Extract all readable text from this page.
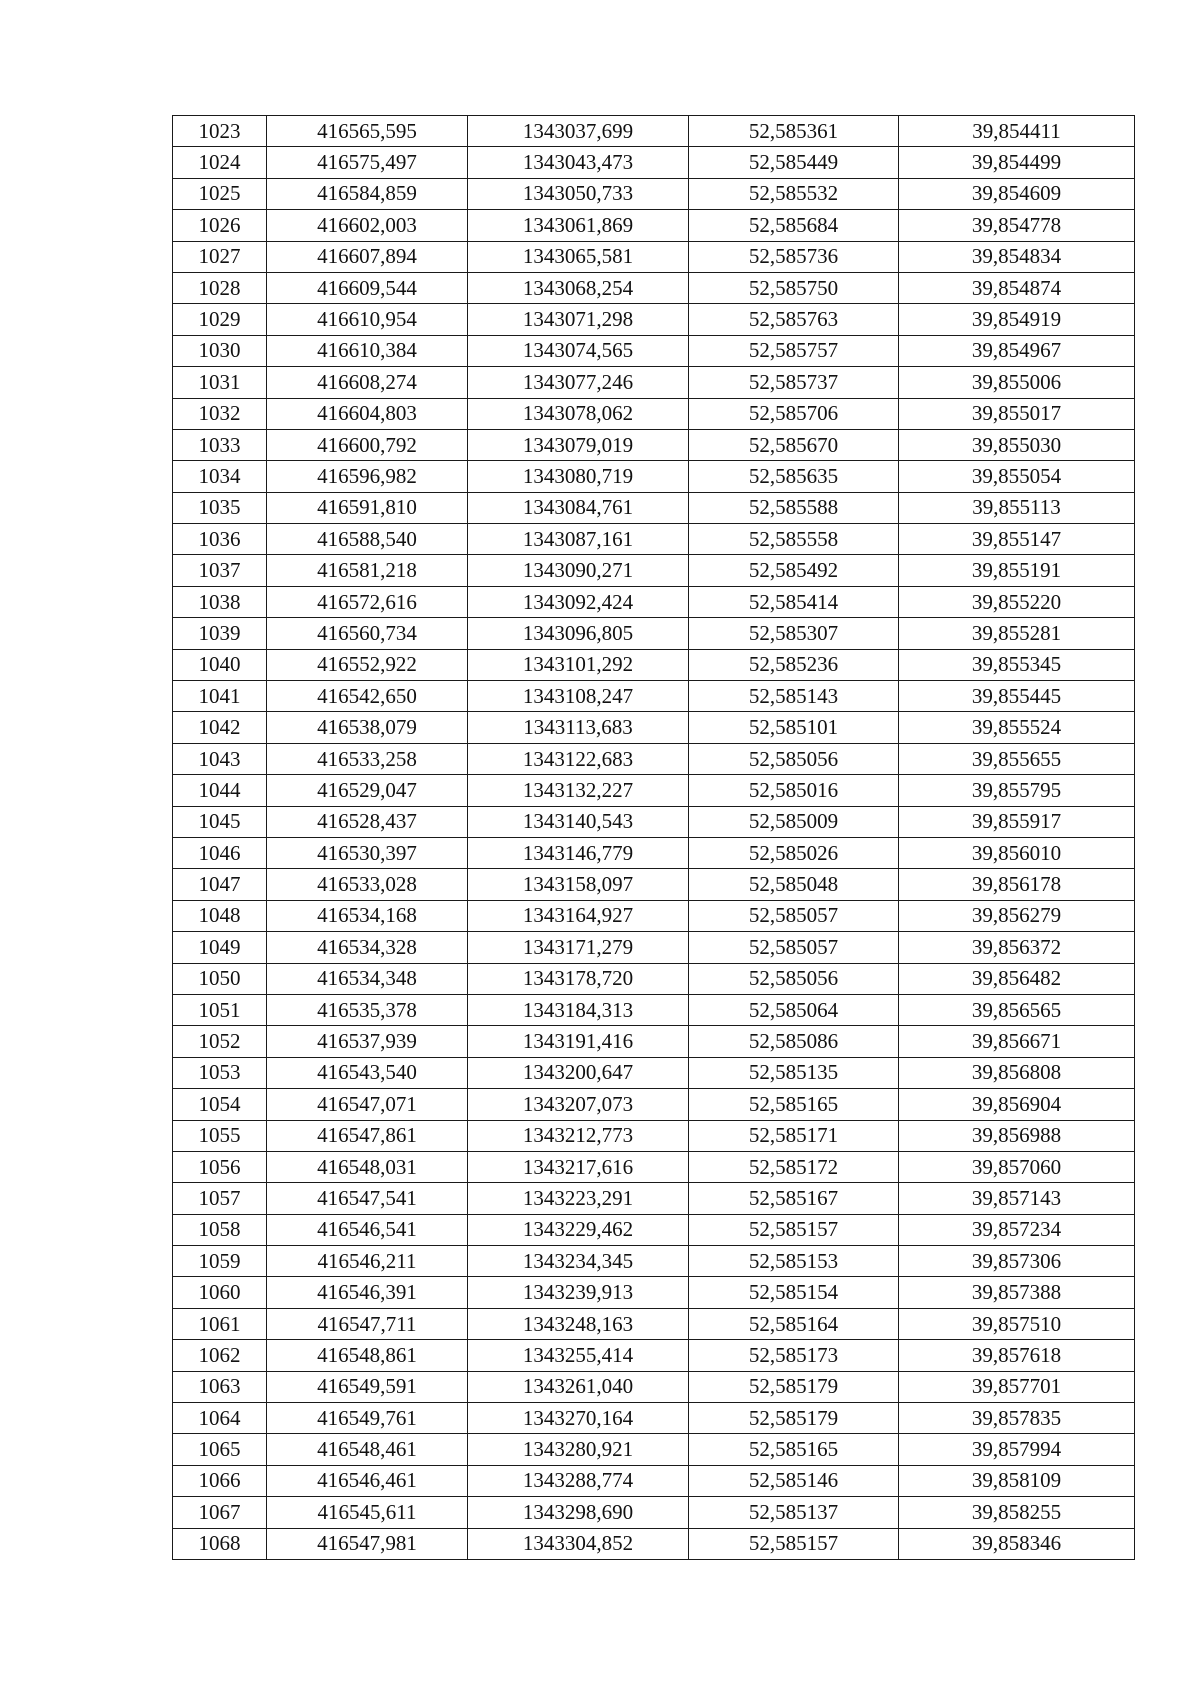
1023	416565,595	1343037,699	52,585361	39,854411
1024	416575,497	1343043,473	52,585449	39,854499
1025	416584,859	1343050,733	52,585532	39,854609
1026	416602,003	1343061,869	52,585684	39,854778
1027	416607,894	1343065,581	52,585736	39,854834
1028	416609,544	1343068,254	52,585750	39,854874
1029	416610,954	1343071,298	52,585763	39,854919
1030	416610,384	1343074,565	52,585757	39,854967
1031	416608,274	1343077,246	52,585737	39,855006
1032	416604,803	1343078,062	52,585706	39,855017
1033	416600,792	1343079,019	52,585670	39,855030
1034	416596,982	1343080,719	52,585635	39,855054
1035	416591,810	1343084,761	52,585588	39,855113
1036	416588,540	1343087,161	52,585558	39,855147
1037	416581,218	1343090,271	52,585492	39,855191
1038	416572,616	1343092,424	52,585414	39,855220
1039	416560,734	1343096,805	52,585307	39,855281
1040	416552,922	1343101,292	52,585236	39,855345
1041	416542,650	1343108,247	52,585143	39,855445
1042	416538,079	1343113,683	52,585101	39,855524
1043	416533,258	1343122,683	52,585056	39,855655
1044	416529,047	1343132,227	52,585016	39,855795
1045	416528,437	1343140,543	52,585009	39,855917
1046	416530,397	1343146,779	52,585026	39,856010
1047	416533,028	1343158,097	52,585048	39,856178
1048	416534,168	1343164,927	52,585057	39,856279
1049	416534,328	1343171,279	52,585057	39,856372
1050	416534,348	1343178,720	52,585056	39,856482
1051	416535,378	1343184,313	52,585064	39,856565
1052	416537,939	1343191,416	52,585086	39,856671
1053	416543,540	1343200,647	52,585135	39,856808
1054	416547,071	1343207,073	52,585165	39,856904
1055	416547,861	1343212,773	52,585171	39,856988
1056	416548,031	1343217,616	52,585172	39,857060
1057	416547,541	1343223,291	52,585167	39,857143
1058	416546,541	1343229,462	52,585157	39,857234
1059	416546,211	1343234,345	52,585153	39,857306
1060	416546,391	1343239,913	52,585154	39,857388
1061	416547,711	1343248,163	52,585164	39,857510
1062	416548,861	1343255,414	52,585173	39,857618
1063	416549,591	1343261,040	52,585179	39,857701
1064	416549,761	1343270,164	52,585179	39,857835
1065	416548,461	1343280,921	52,585165	39,857994
1066	416546,461	1343288,774	52,585146	39,858109
1067	416545,611	1343298,690	52,585137	39,858255
1068	416547,981	1343304,852	52,585157	39,858346
